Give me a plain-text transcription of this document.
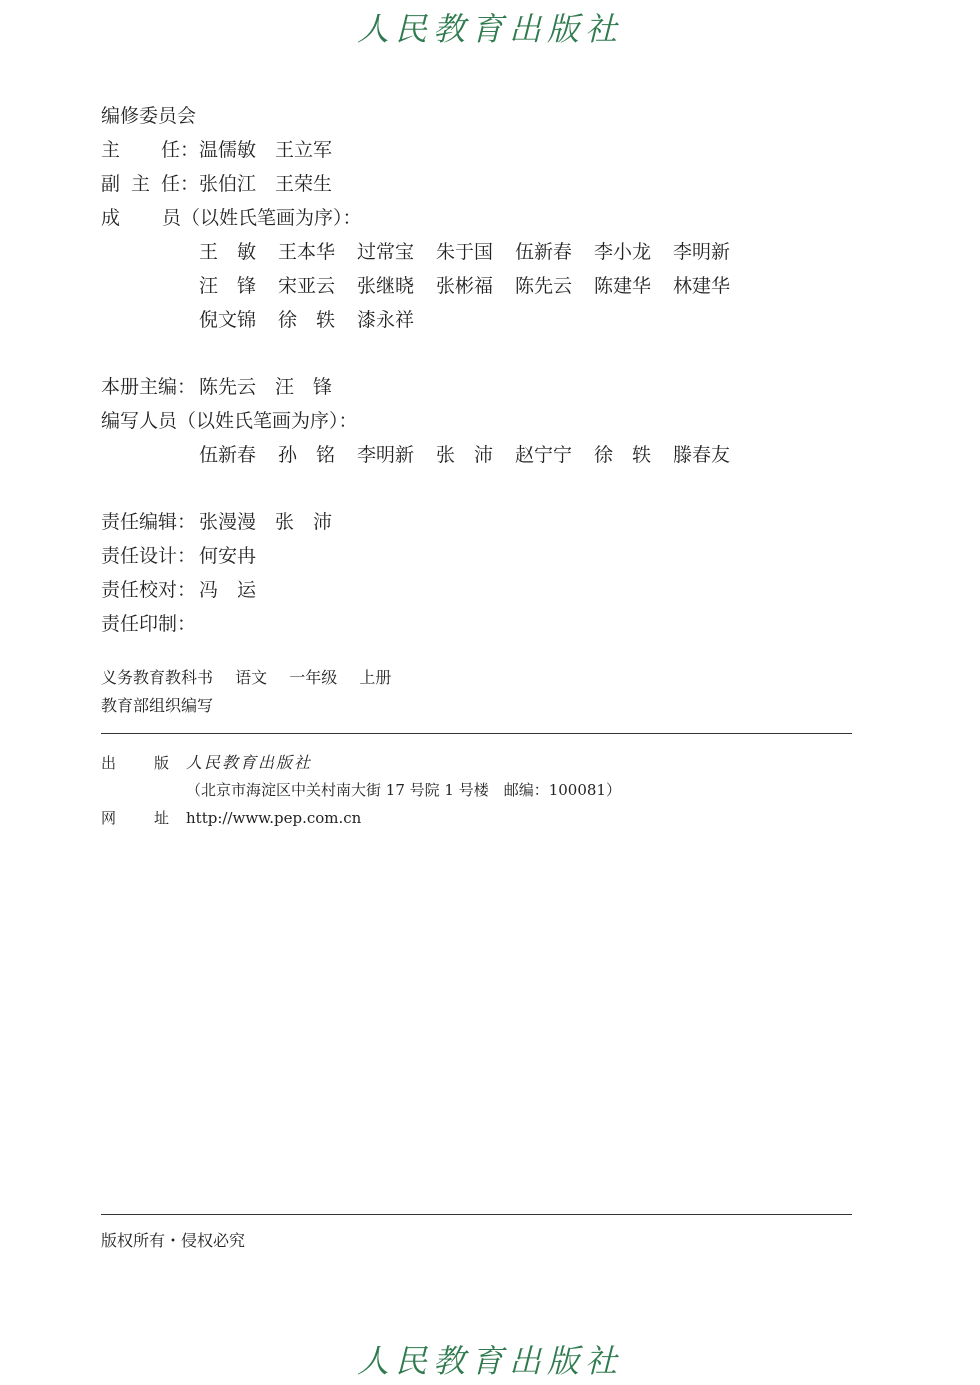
人民教育出版社
编修委员会
主 任： 温儒敏　王立军
副 主 任： 张伯江　王荣生
成 员 （以姓氏笔画为序）：
王　敏	王本华	过常宝	朱于国	伍新春	李小龙	李明新
汪　锋	宋亚云	张继晓	张彬福	陈先云	陈建华	林建华
倪文锦	徐　轶	漆永祥
本册主编： 陈先云　汪　锋
编写人员（以姓氏笔画为序）：
伍新春	孙　铭	李明新	张　沛	赵宁宁	徐　轶	滕春友
责任编辑： 张漫漫　张　沛
责任设计： 何安冉
责任校对： 冯　运
责任印制：
义务教育教科书 语文 一年级 上册
教育部组织编写
出	版 人民教育出版社
（北京市海淀区中关村南大街 17 号院 1 号楼　邮编：100081）
网	址 http://www.pep.com.cn
版权所有・侵权必究
人民教育出版社
